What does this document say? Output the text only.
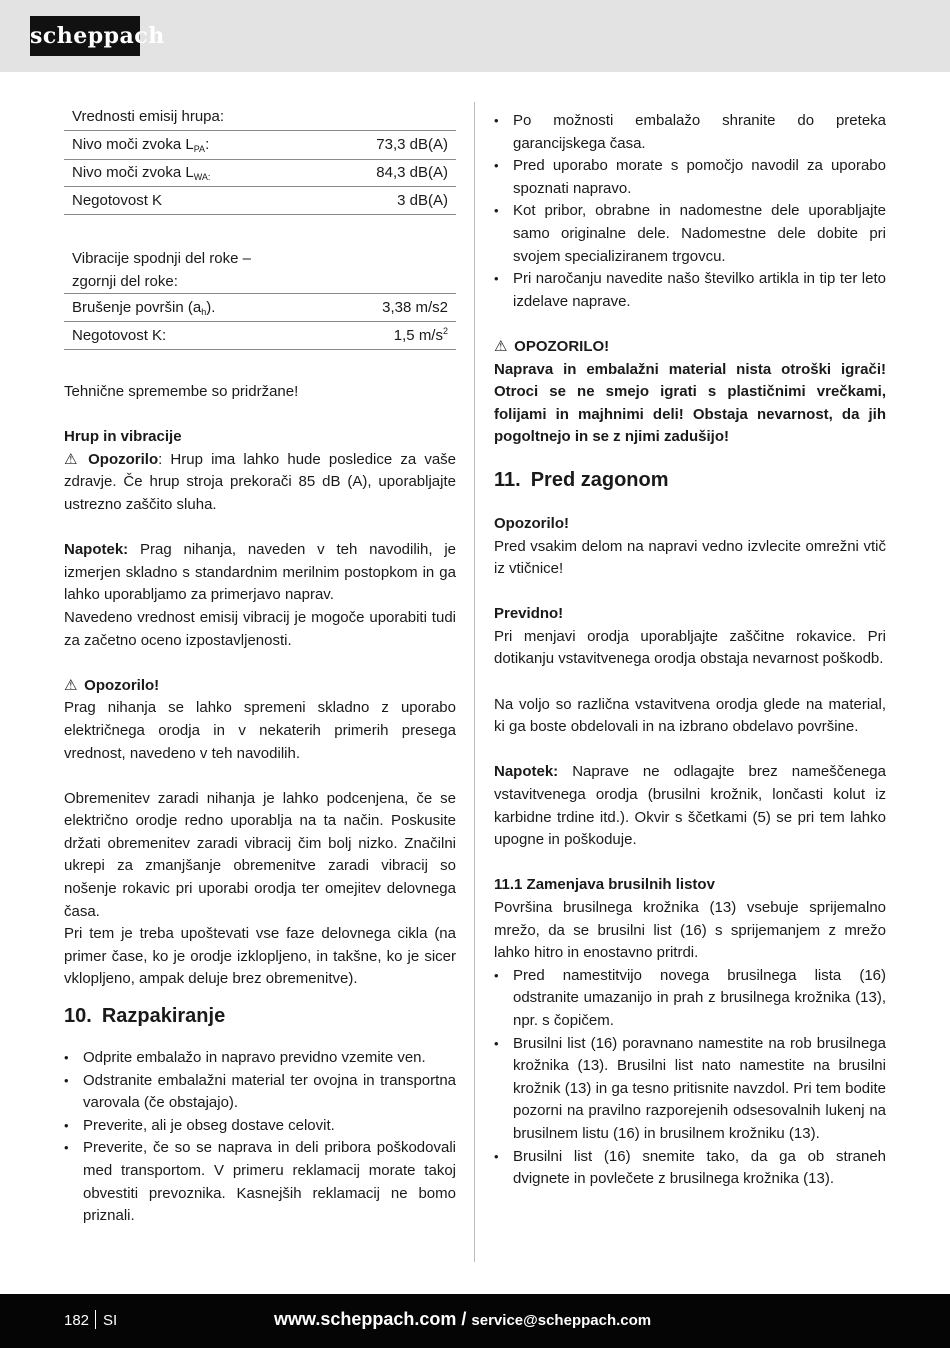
scheppach
Vrednosti emisij hrupa:
Nivo moči zvoka $L_{PA}$:	73,3 dB(A)
Nivo moči zvoka $L_{WA:}$	84,3 dB(A)
Negotovost K	3 dB(A)
Vibracije spodnji del roke –
zgornji del roke:
Brušenje površin $(a_h)$.	3,38 m/s2
Negotovost K:	1,5 $m/s^2$

Tehnične spremembe so pridržane!

Hrup in vibracije

⚠ Opozorilo: Hrup ima lahko hude posledice za vaše zdravje. Če hrup stroja prekorači 85 dB (A), uporabljajte ustrezno zaščito sluha.

Napotek: Prag nihanja, naveden v teh navodilih, je izmerjen skladno s standardnim merilnim postopkom in ga lahko uporabljamo za primerjavo naprav.

Navedeno vrednost emisij vibracij je mogoče uporabiti tudi za začetno oceno izpostavljenosti.

⚠ Opozorilo!

Prag nihanja se lahko spremeni skladno z uporabo električnega orodja in v nekaterih primerih presega vrednost, navedeno v teh navodilih.

Obremenitev zaradi nihanja je lahko podcenjena, če se električno orodje redno uporablja na ta način. Poskusite držati obremenitev zaradi vibracij čim bolj nizko. Značilni ukrepi za zmanjšanje obremenitve zaradi vibracij so nošenje rokavic pri uporabi orodja ter omejitev delovnega časa.

Pri tem je treba upoštevati vse faze delovnega cikla (na primer čase, ko je orodje izklopljeno, in takšne, ko je sicer vklopljeno, ampak deluje brez obremenitve).

10. Razpakiranje
• Odprite embalažo in napravo previdno vzemite ven.
• Odstranite embalažni material ter ovojna in transportna varovala (če obstajajo).
• Preverite, ali je obseg dostave celovit.
• Preverite, če so se naprava in deli pribora poškodovali med transportom. V primeru reklamacij morate takoj obvestiti prevoznika. Kasnejših reklamacij ne bomo priznali.
• Po možnosti embalažo shranite do preteka garancijskega časa.
• Pred uporabo morate s pomočjo navodil za uporabo spoznati napravo.
• Kot pribor, obrabne in nadomestne dele uporabljajte samo originalne dele. Nadomestne dele dobite pri svojem specializiranem trgovcu.
• Pri naročanju navedite našo številko artikla in tip ter leto izdelave naprave.

⚠ OPOZORILO!

Naprava in embalažni material nista otroški igrači! Otroci se ne smejo igrati s plastičnimi vrečkami, folijami in majhnimi deli! Obstaja nevarnost, da jih pogoltnejo in se z njimi zadušijo!

11. Pred zagonom

Opozorilo!

Pred vsakim delom na napravi vedno izvlecite omrežni vtič iz vtičnice!

Previdno!

Pri menjavi orodja uporabljajte zaščitne rokavice. Pri dotikanju vstavitvenega orodja obstaja nevarnost poškodb.

Na voljo so različna vstavitvena orodja glede na material, ki ga boste obdelovali in na izbrano obdelavo površine.

Napotek: Naprave ne odlagajte brez nameščenega vstavitvenega orodja (brusilni krožnik, lončasti kolut iz karbidne trdine itd.). Okvir s ščetkami (5) se pri tem lahko upogne in poškoduje.

11.1 Zamenjava brusilnih listov

Površina brusilnega krožnika (13) vsebuje sprijemalno mrežo, da se brusilni list (16) s sprijemanjem z mrežo lahko hitro in enostavno pritrdi.

• Pred namestitvijo novega brusilnega lista (16) odstranite umazanijo in prah z brusilnega krožnika (13), npr. s čopičem.
• Brusilni list (16) poravnano namestite na rob brusilnega krožnika (13). Brusilni list nato namestite na brusilni krožnik (13) in ga tesno pritisnite navzdol. Pri tem bodite pozorni na pravilno razporejenih odsesovalnih lukenj na brusilnem listu (16) in brusilnem krožniku (13).
• Brusilni list (16) snemite tako, da ga ob straneh dvignete in povlečete z brusilnega krožnika (13).
182 SI	www.scheppach.com / service@scheppach.com
